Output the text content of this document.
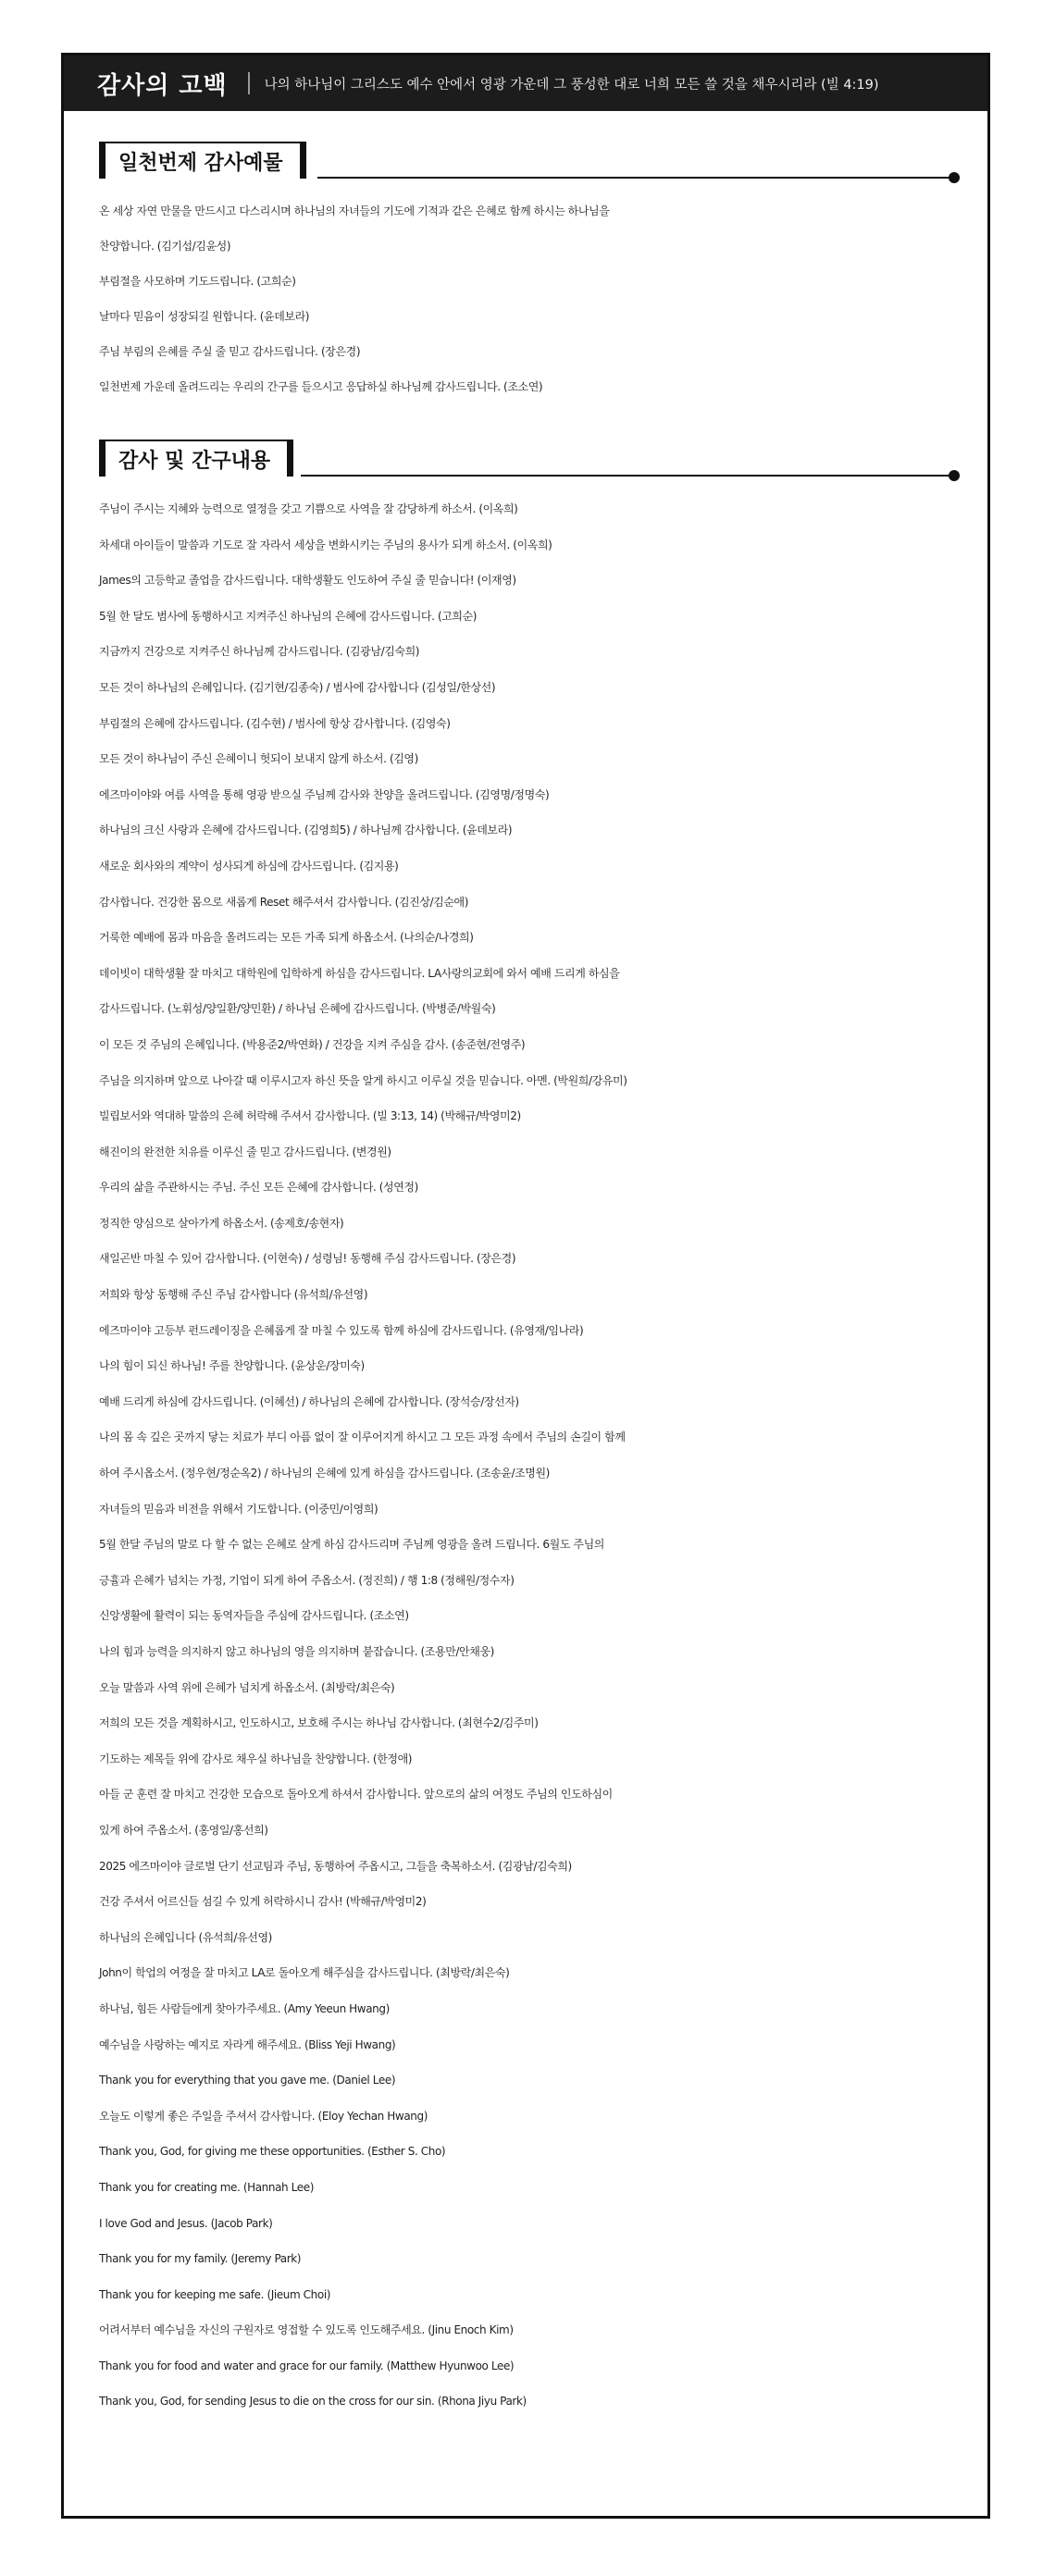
감사의 고백	나의 하나님이 그리스도 예수 안에서 영광 가운데 그 풍성한 대로 너희 모든 쓸 것을 채우시리라 (빌 4:19)
일천번제 감사예물
온 세상 자연 만물을 만드시고 다스리시며 하나님의 자녀들의 기도에 기적과 같은 은혜로 함께 하시는 하나님을
찬양합니다. (김기섭/김윤성)
부림절을 사모하며 기도드립니다. (고희순)
날마다 믿음이 성장되길 원합니다. (윤데보라)
주님 부림의 은혜를 주실 줄 믿고 감사드립니다. (장은경)
일천번제 가운데 올려드리는 우리의 간구를 들으시고 응답하실 하나님께 감사드립니다. (조소연)
감사 및 간구내용
주님이 주시는 지혜와 능력으로 열정을 갖고 기쁨으로 사역을 잘 감당하게 하소서. (이옥희)
차세대 아이들이 말씀과 기도로 잘 자라서 세상을 변화시키는 주님의 용사가 되게 하소서. (이옥희)
James의 고등학교 졸업을 감사드립니다. 대학생활도 인도하여 주실 줄 믿습니다! (이재영)
5월 한 달도 범사에 동행하시고 지켜주신 하나님의 은혜에 감사드립니다. (고희순)
지금까지 건강으로 지켜주신 하나님께 감사드립니다. (김광남/김숙희)
모든 것이 하나님의 은혜입니다. (김기현/김종숙) / 범사에 감사합니다 (김성일/한상선)
부림절의 은혜에 감사드립니다. (김수현) / 범사에 항상 감사합니다. (김영숙)
모든 것이 하나님이 주신 은혜이니 헛되이 보내지 않게 하소서. (김영)
에즈마이야와 여름 사역을 통해 영광 받으실 주님께 감사와 찬양을 올려드립니다. (김영명/정명숙)
하나님의 크신 사랑과 은혜에 감사드립니다. (김영희5) / 하나님께 감사합니다. (윤데보라)
새로운 회사와의 계약이 성사되게 하심에 감사드립니다. (김지용)
감사합니다. 건강한 몸으로 새롭게 Reset 해주셔서 감사합니다. (김진상/김순애)
거룩한 예배에 몸과 마음을 올려드리는 모든 가족 되게 하옵소서. (나의순/나경희)
데이빗이 대학생활 잘 마치고 대학원에 입학하게 하심을 감사드립니다. LA사랑의교회에 와서 예배 드리게 하심을
감사드립니다. (노휘성/양일환/양민환) / 하나님 은혜에 감사드립니다. (박병준/박월숙)
이 모든 것 주님의 은혜입니다. (박용준2/박연화) / 건강을 지켜 주심을 감사. (송준현/전영주)
주님을 의지하며 앞으로 나아갈 때 이루시고자 하신 뜻을 알게 하시고 이루실 것을 믿습니다. 아멘. (박원희/강유미)
빌립보서와 역대하 말씀의 은혜 허락해 주셔서 감사합니다. (빌 3:13, 14) (박해규/박영미2)
해진이의 완전한 치유를 이루신 줄 믿고 감사드립니다. (변경원)
우리의 삶을 주관하시는 주님. 주신 모든 은혜에 감사합니다. (성연정)
정직한 양심으로 살아가게 하옵소서. (송제호/송현자)
새일곤반 마칠 수 있어 감사합니다. (이현숙) / 성령님! 동행해 주심 감사드립니다. (장은경)
저희와 항상 동행해 주신 주님 감사합니다 (유석희/유선영)
에즈마이야 고등부 펀드레이징을 은혜롭게 잘 마칠 수 있도록 함께 하심에 감사드립니다. (유영재/임나라)
나의 힘이 되신 하나님! 주를 찬양합니다. (윤상운/장미숙)
예배 드리게 하심에 감사드립니다. (이혜선) / 하나님의 은혜에 감사합니다. (장석승/장선자)
나의 몸 속 깊은 곳까지 닿는 치료가 부디 아픔 없이 잘 이루어지게 하시고 그 모든 과정 속에서 주님의 손길이 함께
하여 주시옵소서. (정우현/정순옥2) / 하나님의 은혜에 있게 하심을 감사드립니다. (조송윤/조명원)
자녀들의 믿음과 비전을 위해서 기도합니다. (이중민/이영희)
5월 한달 주님의 말로 다 할 수 없는 은혜로 살게 하심 감사드리며 주님께 영광을 올려 드립니다. 6월도 주님의
긍휼과 은혜가 넘치는 가정, 기업이 되게 하여 주옵소서. (정진희) / 행 1:8 (정해원/정수자)
신앙생활에 활력이 되는 동역자들을 주심에 감사드립니다. (조소연)
나의 힘과 능력을 의지하지 않고 하나님의 영을 의지하며 붙잡습니다. (조용만/안채웅)
오늘 말씀과 사역 위에 은혜가 넘치게 하옵소서. (최방락/최은숙)
저희의 모든 것을 계획하시고, 인도하시고, 보호해 주시는 하나님 감사합니다. (최현수2/김주미)
기도하는 제목들 위에 감사로 채우실 하나님을 찬양합니다. (한정애)
아들 군 훈련 잘 마치고 건강한 모습으로 돌아오게 하셔서 감사합니다. 앞으로의 삶의 여정도 주님의 인도하심이
있게 하여 주옵소서. (홍영일/홍선희)
2025 에즈마이야 글로벌 단기 선교팀과 주님, 동행하여 주옵시고, 그들을 축복하소서. (김광남/김숙희)
건강 주셔서 어르신들 섬길 수 있게 허락하시니 감사! (박해규/박영미2)
하나님의 은혜입니다 (유석희/유선영)
John이 학업의 여정을 잘 마치고 LA로 돌아오게 해주심을 감사드립니다. (최방락/최은숙)
하나님, 힘든 사람들에게 찾아가주세요. (Amy Yeeun Hwang)
예수님을 사랑하는 예지로 자라게 해주세요. (Bliss Yeji Hwang)
Thank you for everything that you gave me. (Daniel Lee)
오늘도 이렇게 좋은 주일을 주셔서 감사합니다. (Eloy Yechan Hwang)
Thank you, God, for giving me these opportunities. (Esther S. Cho)
Thank you for creating me. (Hannah Lee)
I love God and Jesus. (Jacob Park)
Thank you for my family. (Jeremy Park)
Thank you for keeping me safe. (Jieum Choi)
어려서부터 예수님을 자신의 구원자로 영접할 수 있도록 인도해주세요. (Jinu Enoch Kim)
Thank you for food and water and grace for our family. (Matthew Hyunwoo Lee)
Thank you, God, for sending Jesus to die on the cross for our sin. (Rhona Jiyu Park)
